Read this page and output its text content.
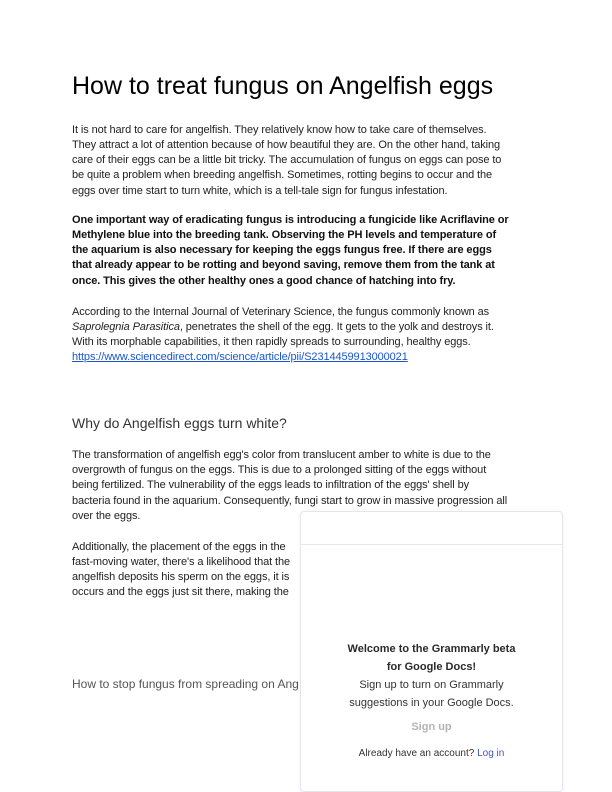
How to treat fungus on Angelfish eggs
It is not hard to care for angelfish. They relatively know how to take care of themselves.
They attract a lot of attention because of how beautiful they are. On the other hand, taking
care of their eggs can be a little bit tricky. The accumulation of fungus on eggs can pose to
be quite a problem when breeding angelfish. Sometimes, rotting begins to occur and the
eggs over time start to turn white, which is a tell-tale sign for fungus infestation.
One important way of eradicating fungus is introducing a fungicide like Acriflavine or
Methylene blue into the breeding tank. Observing the PH levels and temperature of
the aquarium is also necessary for keeping the eggs fungus free. If there are eggs
that already appear to be rotting and beyond saving, remove them from the tank at
once. This gives the other healthy ones a good chance of hatching into fry.
According to the Internal Journal of Veterinary Science, the fungus commonly known as
Saprolegnia Parasitica, penetrates the shell of the egg. It gets to the yolk and destroys it.
With its morphable capabilities, it then rapidly spreads to surrounding, healthy eggs.
https://www.sciencedirect.com/science/article/pii/S2314459913000021
Why do Angelfish eggs turn white?
The transformation of angelfish egg's color from translucent amber to white is due to the
overgrowth of fungus on the eggs. This is due to a prolonged sitting of the eggs without
being fertilized. The vulnerability of the eggs leads to infiltration of the eggs' shell by
bacteria found in the aquarium. Consequently, fungi start to grow in massive progression all
over the eggs.
Additionally, the placement of the eggs in the
fast-moving water, there's a likelihood that the
angelfish deposits his sperm on the eggs, it is
occurs and the eggs just sit there, making the
How to stop fungus from spreading on Ang
Welcome to the Grammarly beta
for Google Docs!
Sign up to turn on Grammarly
suggestions in your Google Docs.
Sign up
Already have an account? Log in
